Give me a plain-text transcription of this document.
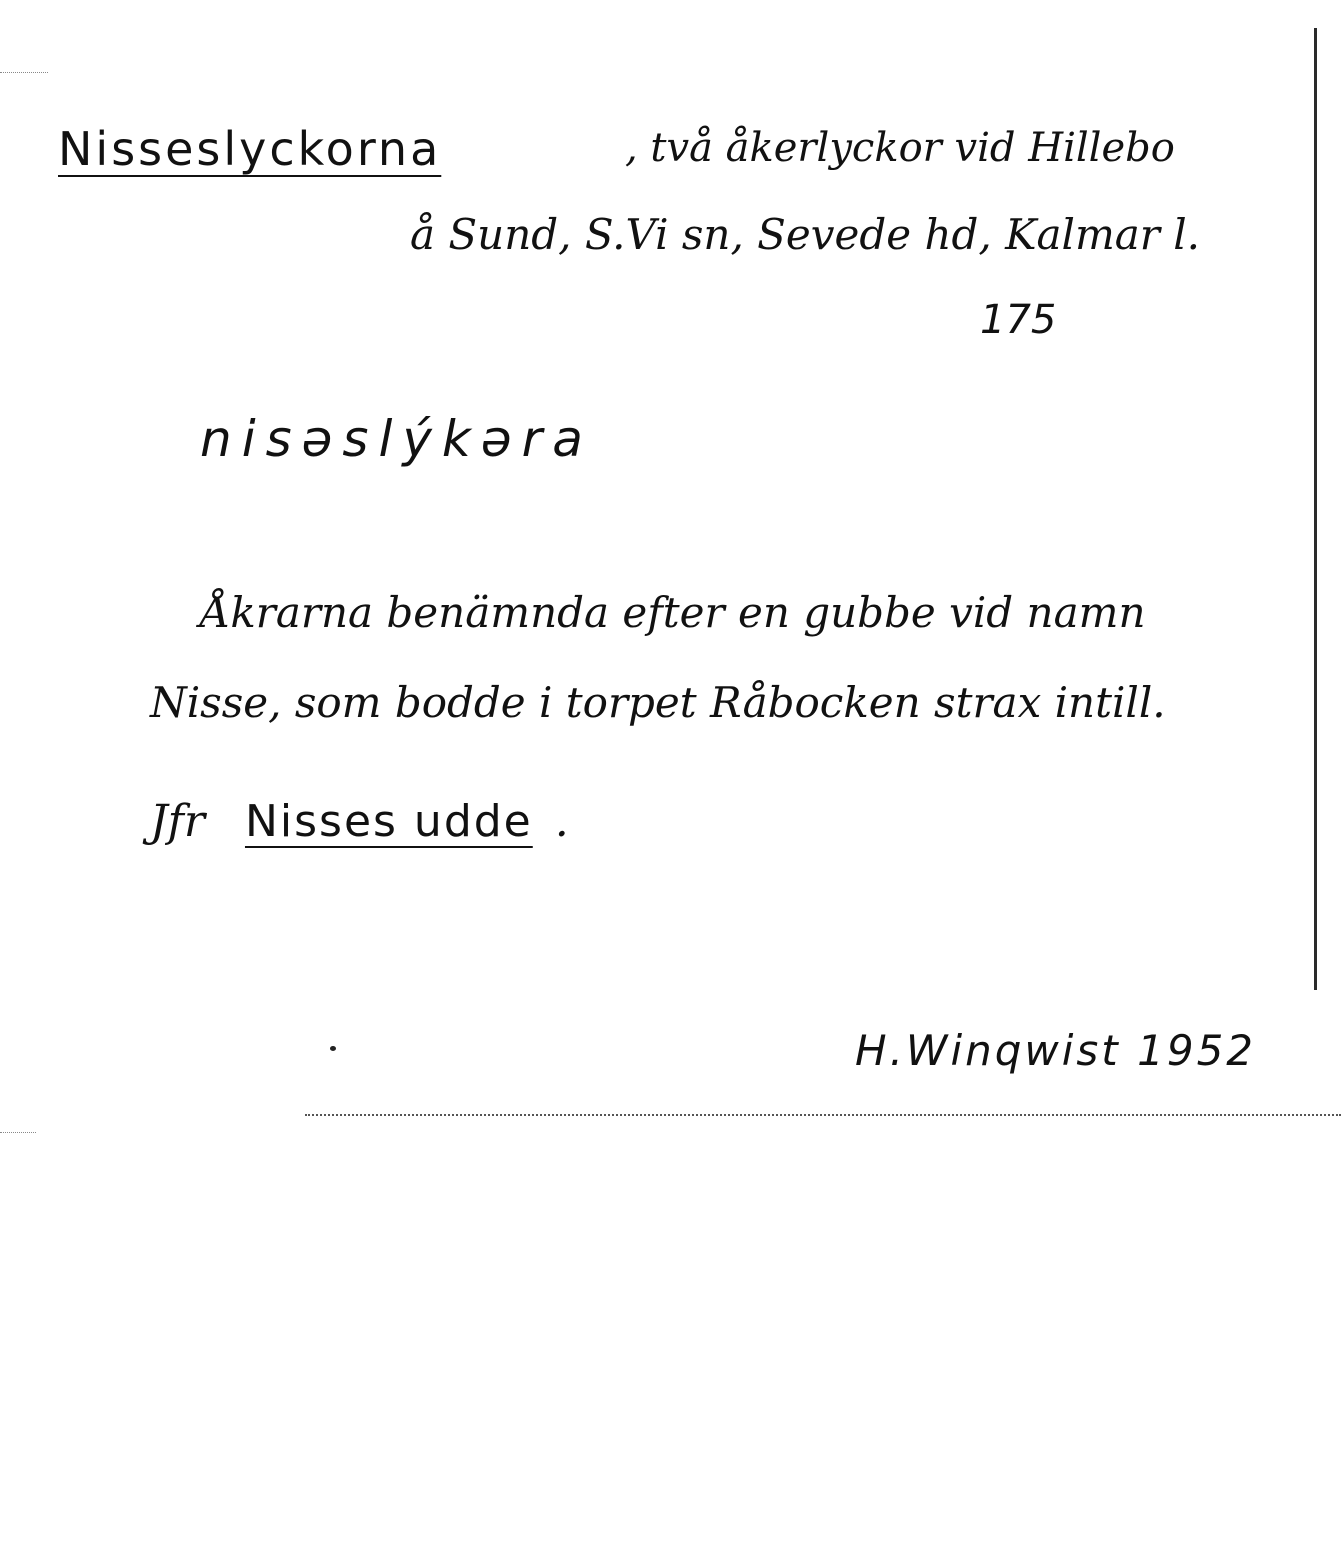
Nisseslyckorna	, två åkerlyckor vid Hillebo
å Sund, S.Vi sn, Sevede hd, Kalmar l.
175
nisəslýkəra
Åkrarna benämnda efter en gubbe vid namn
Nisse, som bodde i torpet Råbocken strax intill.
Jfr Nisses udde .
H.Winqwist 1952
